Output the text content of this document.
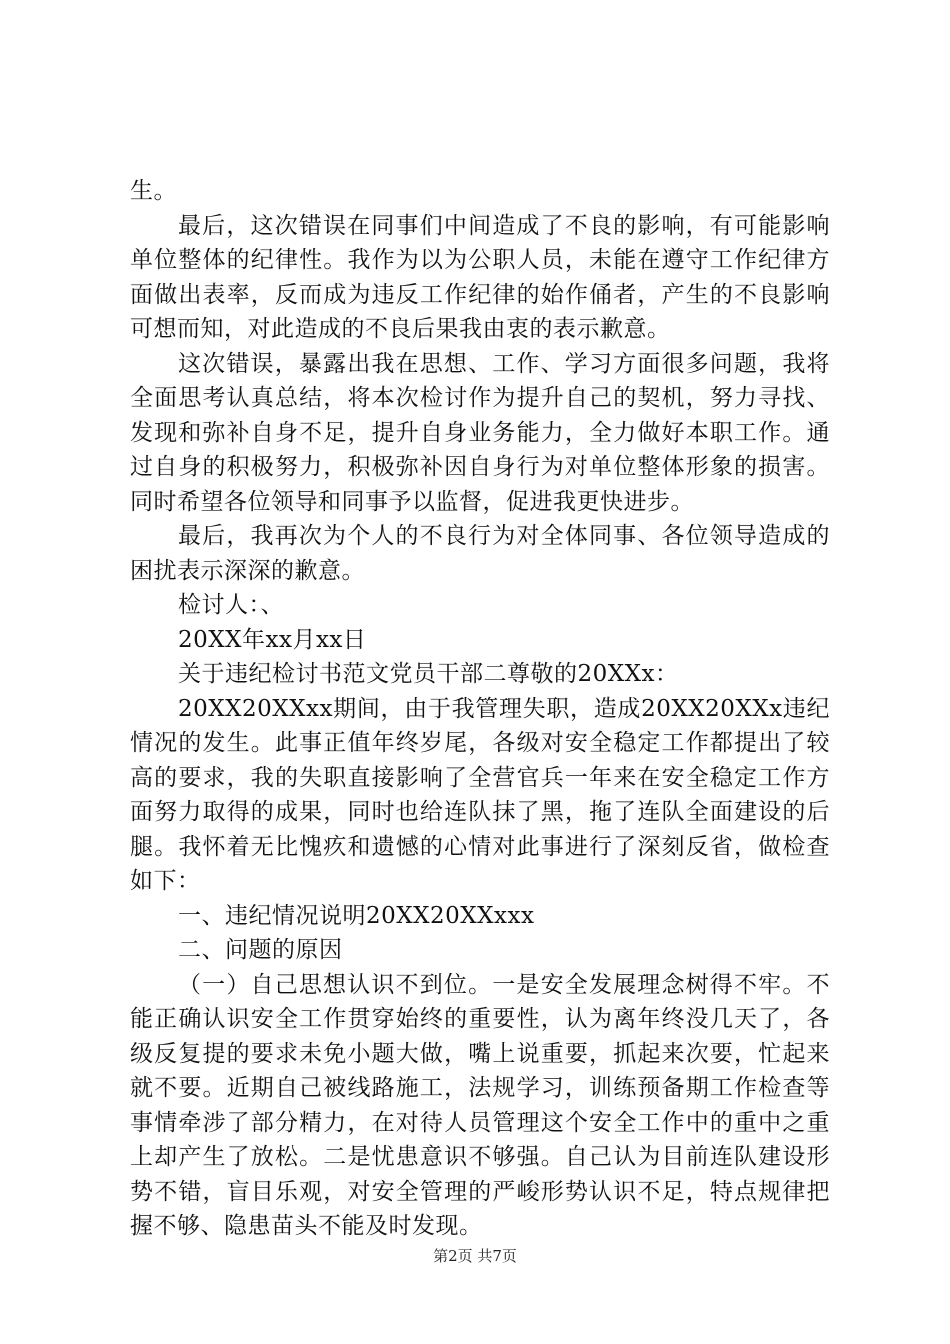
生。

最后，这次错误在同事们中间造成了不良的影响，有可能影响单位整体的纪律性。我作为以为公职人员，未能在遵守工作纪律方面做出表率，反而成为违反工作纪律的始作俑者，产生的不良影响可想而知，对此造成的不良后果我由衷的表示歉意。

这次错误，暴露出我在思想、工作、学习方面很多问题，我将全面思考认真总结，将本次检讨作为提升自己的契机，努力寻找、发现和弥补自身不足，提升自身业务能力，全力做好本职工作。通过自身的积极努力，积极弥补因自身行为对单位整体形象的损害。同时希望各位领导和同事予以监督，促进我更快进步。

最后，我再次为个人的不良行为对全体同事、各位领导造成的困扰表示深深的歉意。

检讨人：、

20XX年xx月xx日

关于违纪检讨书范文党员干部二尊敬的20XXx：

20XX20XXxx期间，由于我管理失职，造成20XX20XXx违纪情况的发生。此事正值年终岁尾，各级对安全稳定工作都提出了较高的要求，我的失职直接影响了全营官兵一年来在安全稳定工作方面努力取得的成果，同时也给连队抹了黑，拖了连队全面建设的后腿。我怀着无比愧疚和遗憾的心情对此事进行了深刻反省，做检查如下：

一、违纪情况说明20XX20XXxxx

二、问题的原因

（一）自己思想认识不到位。一是安全发展理念树得不牢。不能正确认识安全工作贯穿始终的重要性，认为离年终没几天了，各级反复提的要求未免小题大做，嘴上说重要，抓起来次要，忙起来就不要。近期自己被线路施工，法规学习，训练预备期工作检查等事情牵涉了部分精力，在对待人员管理这个安全工作中的重中之重上却产生了放松。二是忧患意识不够强。自己认为目前连队建设形势不错，盲目乐观，对安全管理的严峻形势认识不足，特点规律把握不够、隐患苗头不能及时发现。

第2页 共7页
